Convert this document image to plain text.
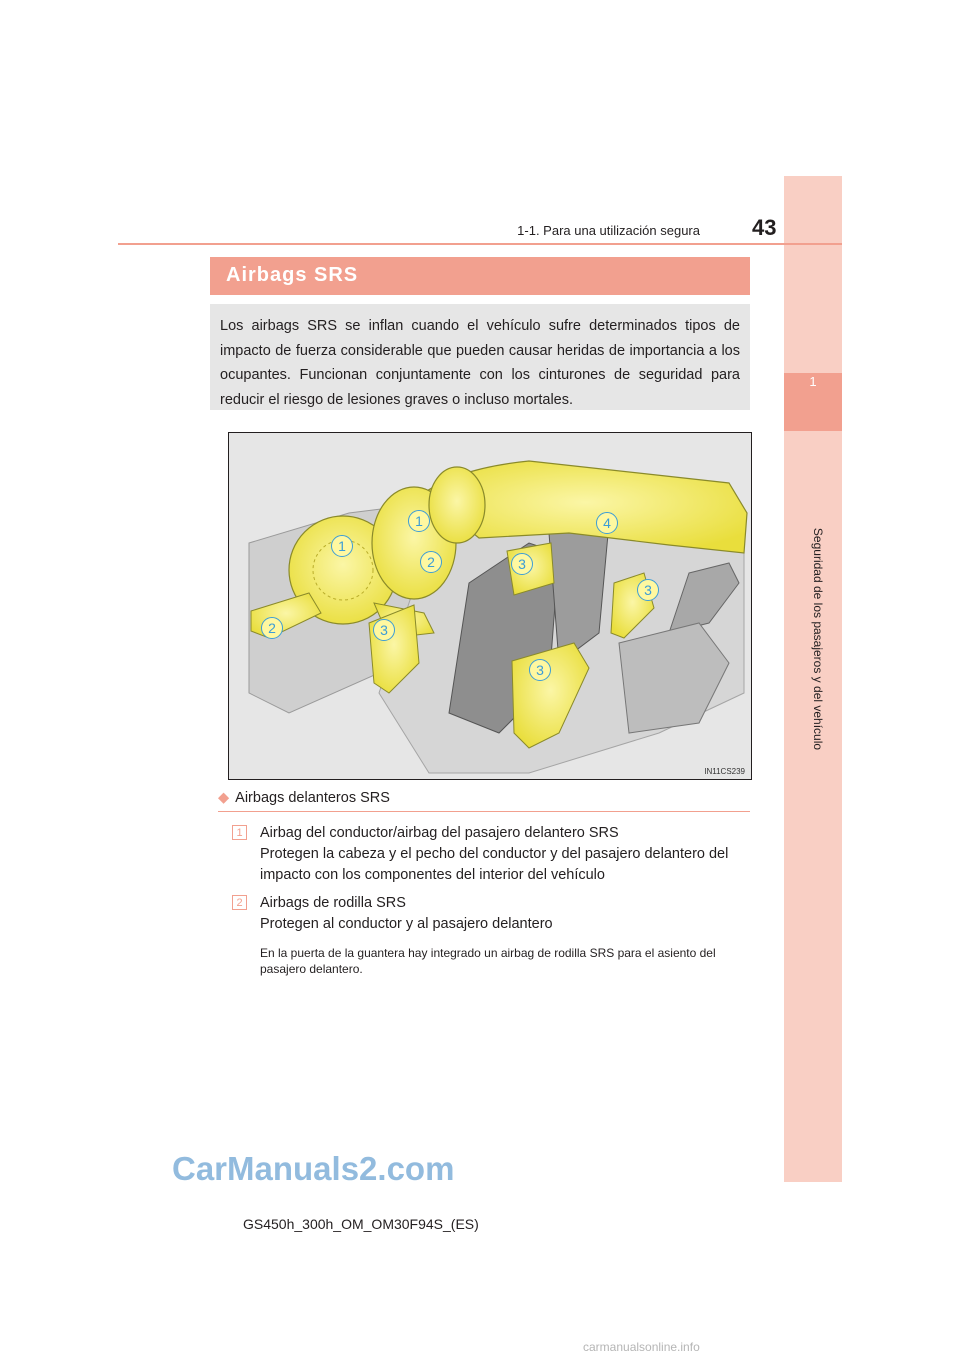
1
Seguridad de los pasajeros y del vehículo
1-1. Para una utilización segura 43
Airbags SRS
Los airbags SRS se inflan cuando el vehículo sufre determinados tipos de impacto de fuerza considerable que pueden causar heridas de importancia a los ocupantes. Funcionan conjuntamente con los cinturones de seguridad para reducir el riesgo de lesiones graves o incluso mortales.
1
1
2
2
3
3
3
3
4
IN11CS239
◆ Airbags delanteros SRS
1	Airbag del conductor/airbag del pasajero delantero SRS
Protegen la cabeza y el pecho del conductor y del pasajero delantero del impacto con los componentes del interior del vehículo
2	Airbags de rodilla SRS
Protegen al conductor y al pasajero delantero
En la puerta de la guantera hay integrado un airbag de rodilla SRS para el asiento del pasajero delantero.
CarManuals2.com
GS450h_300h_OM_OM30F94S_(ES)
carmanualsonline.info
